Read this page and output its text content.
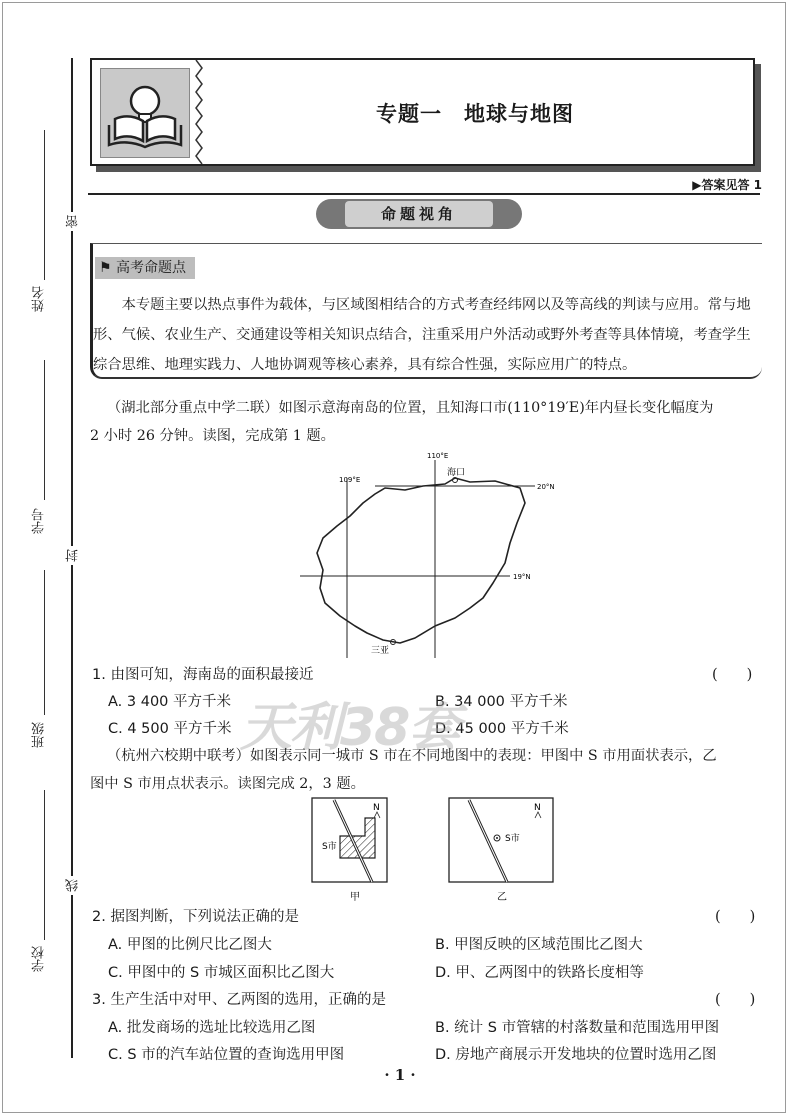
密
封
线
姓名
学号
班级
学校
专题一　地球与地图
▶答案见答 1
命题视角
⚑ 高考命题点
本专题主要以热点事件为载体，与区域图相结合的方式考查经纬网以及等高线的判读与应用。常与地形、气候、农业生产、交通建设等相关知识点结合，注重采用户外活动或野外考查等具体情境，考查学生综合思维、地理实践力、人地协调观等核心素养，具有综合性强，实际应用广的特点。
（湖北部分重点中学二联）如图示意海南岛的位置，且知海口市(110°19′E)年内昼长变化幅度为
2 小时 26 分钟。读图，完成第 1 题。
109°E
110°E
20°N
19°N
海口
三亚
1. 由图可知，海南岛的面积最接近	(　　)
A. 3 400 平方千米	B. 34 000 平方千米
C. 4 500 平方千米	D. 45 000 平方千米
天利38套
（杭州六校期中联考）如图表示同一城市 S 市在不同地图中的表现：甲图中 S 市用面状表示，乙
图中 S 市用点状表示。读图完成 2，3 题。
N
S市
甲
S市
N
乙
2. 据图判断，下列说法正确的是	(　　)
A. 甲图的比例尺比乙图大	B. 甲图反映的区域范围比乙图大
C. 甲图中的 S 市城区面积比乙图大	D. 甲、乙两图中的铁路长度相等
3. 生产生活中对甲、乙两图的选用，正确的是	(　　)
A. 批发商场的选址比较选用乙图	B. 统计 S 市管辖的村落数量和范围选用甲图
C. S 市的汽车站位置的查询选用甲图	D. 房地产商展示开发地块的位置时选用乙图
· 1 ·
